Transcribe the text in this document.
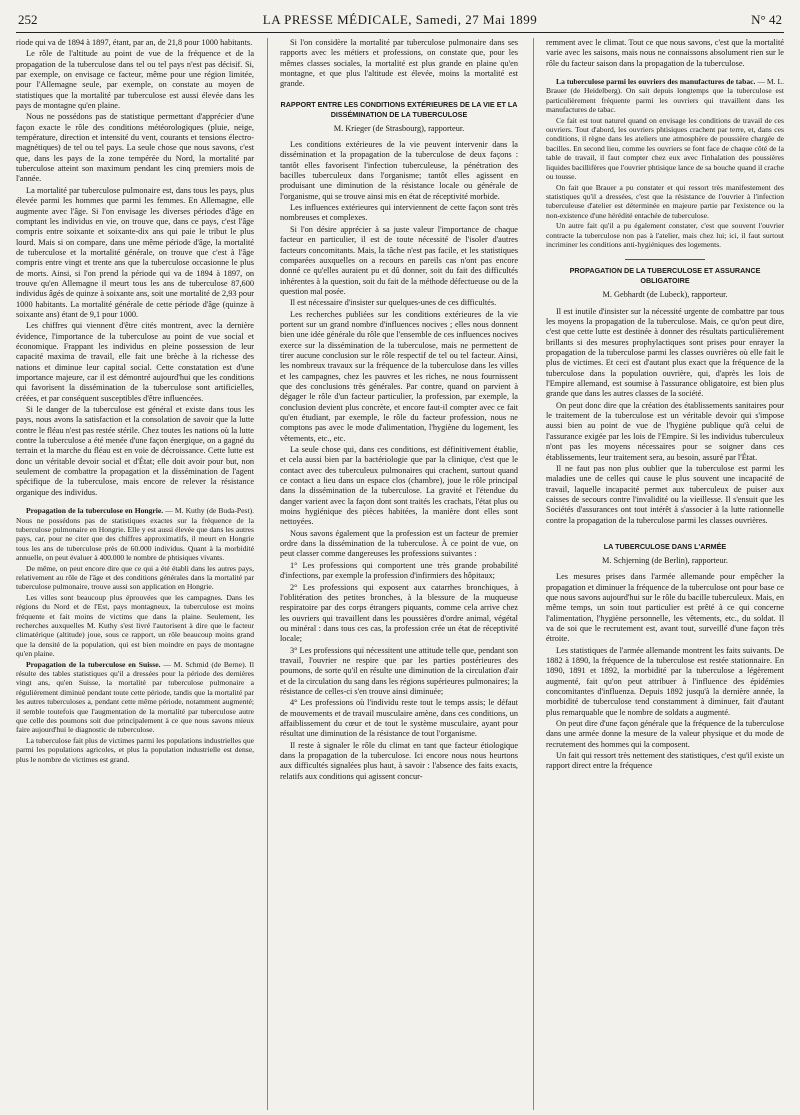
252	LA PRESSE MÉDICALE, Samedi, 27 Mai 1899	N° 42

riode qui va de 1894 à 1897, étant, par an, de 21,8 pour 1000 habitants.

Le rôle de l'altitude au point de vue de la fréquence et de la propagation de la tuberculose dans tel ou tel pays n'est pas décisif. Si, par exemple, on envisage ce facteur, même pour une région limitée, pour l'Allemagne seule, par exemple, on constate au moyen de statistiques que la mortalité par tuberculose est aussi élevée dans les pays de montagne qu'en plaine.

Nous ne possédons pas de statistique permettant d'apprécier d'une façon exacte le rôle des conditions météorologiques (pluie, neige, température, direction et intensité du vent, courants et tensions électro-magnétiques) de tel ou tel pays. La seule chose que nous savons, c'est que, dans les pays de la zone tempérée du Nord, la mortalité par tuberculose atteint son maximum pendant les cinq premiers mois de l'année.

La mortalité par tuberculose pulmonaire est, dans tous les pays, plus élevée parmi les hommes que parmi les femmes. En Allemagne, elle augmente avec l'âge. Si l'on envisage les diverses périodes d'âge en comptant les individus en vie, on trouve que, dans ce pays, c'est l'âge compris entre soixante et soixante-dix ans qui paie le tribut le plus lourd. Mais si on compare, dans une même période d'âge, la mortalité de tuberculose et la mortalité générale, on trouve que c'est à l'âge compris entre vingt et trente ans que la tuberculose occasionne le plus de morts. Ainsi, si l'on prend la période qui va de 1894 à 1897, on trouve qu'en Allemagne il meurt tous les ans de tuberculose 87,600 individus âgés de quinze à soixante ans, soit une mortalité de 2,93 pour 1000 habitants. La mortalité générale de cette période d'âge (quinze à soixante ans) étant de 9,1 pour 1000.

Les chiffres qui viennent d'être cités montrent, avec la dernière évidence, l'importance de la tuberculose au point de vue social et économique. Frappant les individus en pleine possession de leur capacité maxima de travail, elle fait une brèche à la richesse des nations et diminue leur capital social. Cette constatation est d'une importance majeure, car il est démontré aujourd'hui que les conditions qui favorisent la dissémination de la tuberculose sont artificielles, créées, et par conséquent susceptibles d'être influencées.

Si le danger de la tuberculose est général et existe dans tous les pays, nous avons la satisfaction et la consolation de savoir que la lutte contre le fléau n'est pas restée stérile. Chez toutes les nations où la lutte contre la tuberculose a été menée d'une façon énergique, on a gagné du terrain et la marche du fléau est en voie de décroissance. Cette lutte est donc un véritable devoir social et d'État; elle doit avoir pour but, non seulement de combattre la propagation et la dissémination de l'agent spécifique de la tuberculose, mais encore de relever la résistance organique des individus.

Propagation de la tuberculose en Hongrie. — M. Kuthy (de Buda-Pest). Nous ne possédons pas de statistiques exactes sur la fréquence de la tuberculose pulmonaire en Hongrie. Elle y est aussi élevée que dans les autres pays, car, pour ne citer que des chiffres approximatifs, il meurt en Hongrie tous les ans de tuberculose près de 60.000 individus. Quant à la morbidité annuelle, on peut évaluer à 400.000 le nombre de phtisiques vivants.

De même, on peut encore dire que ce qui a été établi dans les autres pays, relativement au rôle de l'âge et des conditions générales dans la mortalité par tuberculose pulmonaire, trouve aussi son application en Hongrie.

Les villes sont beaucoup plus éprouvées que les campagnes. Dans les régions du Nord et de l'Est, pays montagneux, la tuberculose est moins fréquente et fait moins de victims que dans la plaine. Seulement, les recherches auxquelles M. Kuthy s'est livré l'autorisent à dire que le facteur climatérique (altitude) joue, sous ce rapport, un rôle beaucoup moins grand que la densité de la population, qui est bien moindre en pays de montagne qu'en plaine.

Propagation de la tuberculose en Suisse. — M. Schmid (de Berne). Il résulte des tables statistiques qu'il a dressées pour la période des dernières vingt ans, qu'en Suisse, la mortalité par tuberculose pulmonaire a régulièrement diminué pendant toute cette période, tandis que la mortalité par les autres tuberculoses a, pendant cette même période, notamment augmenté; il semble toutefois que l'augmentation de la mortalité par tuberculose autre que celle des poumons soit due principalement à ce que nous savons mieux faire aujourd'hui le diagnostic de tuberculose.

La tuberculose fait plus de victimes parmi les populations industrielles que parmi les populations agricoles, et plus la population industrielle est dense, plus le nombre de victimes est grand.

Si l'on considère la mortalité par tuberculose pulmonaire dans ses rapports avec les métiers et professions, on constate que, pour les mêmes classes sociales, la mortalité est plus grande en plaine qu'en montagne, et que plus l'altitude est élevée, moins la mortalité est grande.

RAPPORT ENTRE LES CONDITIONS EXTÉRIEURES DE LA VIE ET LA DISSÉMINATION DE LA TUBERCULOSE
M. Krieger (de Strasbourg), rapporteur.

Les conditions extérieures de la vie peuvent intervenir dans la dissémination et la propagation de la tuberculose de deux façons : tantôt elles favorisent l'infection tuberculeuse, la pénétration des bacilles tuberculeux dans l'organisme; tantôt elles agissent en produisant une diminution de la résistance locale ou générale de l'organisme, qui se trouve ainsi mis en état de réceptivité morbide.

Les influences extérieures qui interviennent de cette façon sont très nombreuses et complexes.

Si l'on désire apprécier à sa juste valeur l'importance de chaque facteur en particulier, il est de toute nécessité de l'isoler d'autres facteurs concomitants. Mais, la tâche n'est pas facile, et les statistiques comparées auxquelles on a recours en pareils cas n'ont pas encore donné ce qu'elles auraient pu et dû donner, soit du fait des difficultés inhérentes à la question, soit du fait de la méthode défectueuse ou de la question mal posée.

Il est nécessaire d'insister sur quelques-unes de ces difficultés.

Les recherches publiées sur les conditions extérieures de la vie portent sur un grand nombre d'influences nocives ; elles nous donnent bien une idée générale du rôle que l'ensemble de ces influences nocives exerce sur la dissémination de la tuberculose, mais ne permettent de tirer aucune conclusion sur le rôle respectif de tel ou tel facteur. Ainsi, les nombreux travaux sur la fréquence de la tuberculose dans les villes et les campagnes, chez les pauvres et les riches, ne nous fournissent que des conclusions très générales. Par contre, quand on parvient à dégager le rôle d'un facteur particulier, la profession, par exemple, la conclusion devient plus concrète, et encore faut-il compter avec ce fait qu'en étudiant, par exemple, le rôle du facteur profession, nous ne comptons pas avec le mode d'alimentation, l'hygiène du logement, les vêtements, etc., etc.

La seule chose qui, dans ces conditions, est définitivement établie, et cela aussi bien par la bactériologie que par la clinique, c'est que le contact avec des tuberculeux pulmonaires qui crachent, surtout quand ce contact a lieu dans un espace clos (chambre), joue le rôle principal dans la dissémination de la tuberculose. La gravité et l'étendue du danger varient avec la façon dont sont traités les crachats, l'état plus ou moins hygiénique des pièces habitées, la manière dont elles sont nettoyées.

Nous savons également que la profession est un facteur de premier ordre dans la dissémination de la tuberculose. À ce point de vue, on peut classer comme dangereuses les professions suivantes :

1° Les professions qui comportent une très grande probabilité d'infections, par exemple la profession d'infirmiers des hôpitaux;

2° Les professions qui exposent aux catarrhes bronchiques, à l'oblitération des petites bronches, à la blessure de la muqueuse respiratoire par des corps étrangers piquants, comme cela arrive chez les ouvriers qui travaillent dans les poussières d'ordre animal, végétal ou minéral : dans tous ces cas, la profession crée un état de réceptivité locale;

3° Les professions qui nécessitent une attitude telle que, pendant son travail, l'ouvrier ne respire que par les parties postérieures des poumons, de sorte qu'il en résulte une diminution de la circulation d'air et de la circulation du sang dans les régions supérieures pulmonaires; la résistance de celles-ci s'en trouve ainsi diminuée;

4° Les professions où l'individu reste tout le temps assis; le défaut de mouvements et de travail musculaire amène, dans ces conditions, un affaiblissement du cœur et de tout le système musculaire, ayant pour résultat une diminution de la résistance de tout l'organisme.

Il reste à signaler le rôle du climat en tant que facteur étiologique dans la propagation de la tuberculose. Ici encore nous nous heurtons aux difficultés signalées plus haut, à savoir : l'absence des faits exacts, relatifs aux conditions qui agissent concur-

remment avec le climat. Tout ce que nous savons, c'est que la mortalité varie avec les saisons, mais nous ne connaissons absolument rien sur le rôle du facteur saison dans la propagation de la tuberculose.

La tuberculose parmi les ouvriers des manufactures de tabac. — M. L. Brauer (de Heidelberg). On sait depuis longtemps que la tuberculose est particulièrement fréquente parmi les ouvriers qui travaillent dans les manufactures de tabac.

Ce fait est tout naturel quand on envisage les conditions de travail de ces ouvriers. Tout d'abord, les ouvriers phtisiques crachent par terre, et, dans ces conditions, il règne dans les ateliers une atmosphère de poussière chargée de bacilles. En second lieu, comme les ouvriers se font face de chaque côté de la table de travail, il faut compter chez eux avec l'inhalation des poussières liquides bacillifères que l'ouvrier phtisique lance de sa bouche quand il crache ou tousse.

On fait que Brauer a pu constater et qui ressort très manifestement des statistiques qu'il a dressées, c'est que la résistance de l'ouvrier à l'infection tuberculeuse d'atelier est déterminée en majeure partie par l'existence ou la non-existence d'une hérédité entachée de tuberculose.

Un autre fait qu'il a pu également constater, c'est que souvent l'ouvrier contracte la tuberculose non pas à l'atelier, mais chez lui; ici, il faut surtout incriminer les conditions anti-hygiéniques des logements.

PROPAGATION DE LA TUBERCULOSE ET ASSURANCE OBLIGATOIRE
M. Gebhardt (de Lubeck), rapporteur.

Il est inutile d'insister sur la nécessité urgente de combattre par tous les moyens la propagation de la tuberculose. Mais, ce qu'on peut dire, c'est que cette lutte est destinée à donner des résultats particulièrement brillants si des mesures prophylactiques sont prises pour enrayer la propagation de la tuberculose parmi les classes ouvrières où elle fait le plus de victimes. Et ceci est d'autant plus exact que la fréquence de la tuberculose dans la population ouvrière, qui, d'après les lois de l'Empire allemand, est soumise à l'assurance obligatoire, est bien plus grande que dans les autres classes de la société.

On peut donc dire que la création des établissements sanitaires pour le traitement de la tuberculose est un véritable devoir qui s'impose aussi bien au point de vue de l'hygiène publique qu'à celui de l'assurance exigée par les lois de l'Empire. Si les individus tuberculeux n'ont pas les moyens nécessaires pour se soigner dans ces établissements, leur traitement sera, au besoin, assuré par l'État.

Il ne faut pas non plus oublier que la tuberculose est parmi les maladies une de celles qui cause le plus souvent une incapacité de travail, laquelle incapacité permet aux tuberculeux de puiser aux caisses de secours contre l'invalidité ou la vieillesse. Il s'ensuit que les Sociétés d'assurances ont tout intérêt à s'associer à la lutte rationnelle contre la propagation de la tuberculose parmi les classes ouvrières.

LA TUBERCULOSE DANS L'ARMÉE
M. Schjerning (de Berlin), rapporteur.

Les mesures prises dans l'armée allemande pour empêcher la propagation et diminuer la fréquence de la tuberculose ont pour base ce que nous savons aujourd'hui sur le rôle du bacille tuberculeux. Mais, en même temps, un soin tout particulier est prêté à ce qui concerne l'alimentation, l'hygiène personnelle, les vêtements, etc., du soldat. Il va de soi que le recrutement est, avant tout, surveillé d'une façon très étroite.

Les statistiques de l'armée allemande montrent les faits suivants. De 1882 à 1890, la fréquence de la tuberculose est restée stationnaire. En 1890, 1891 et 1892, la morbidité par la tuberculose a légèrement augmenté, fait qu'on peut attribuer à l'influence des épidémies concomitantes d'influenza. Depuis 1892 jusqu'à la dernière année, la morbidité de tuberculose tend constamment à diminuer, fait d'autant plus remarquable que le nombre de soldats a augmenté.

On peut dire d'une façon générale que la fréquence de la tuberculose dans une armée donne la mesure de la valeur physique et du mode de recrutement des hommes qui la composent.

Un fait qui ressort très nettement des statistiques, c'est qu'il existe un rapport direct entre la fréquence
